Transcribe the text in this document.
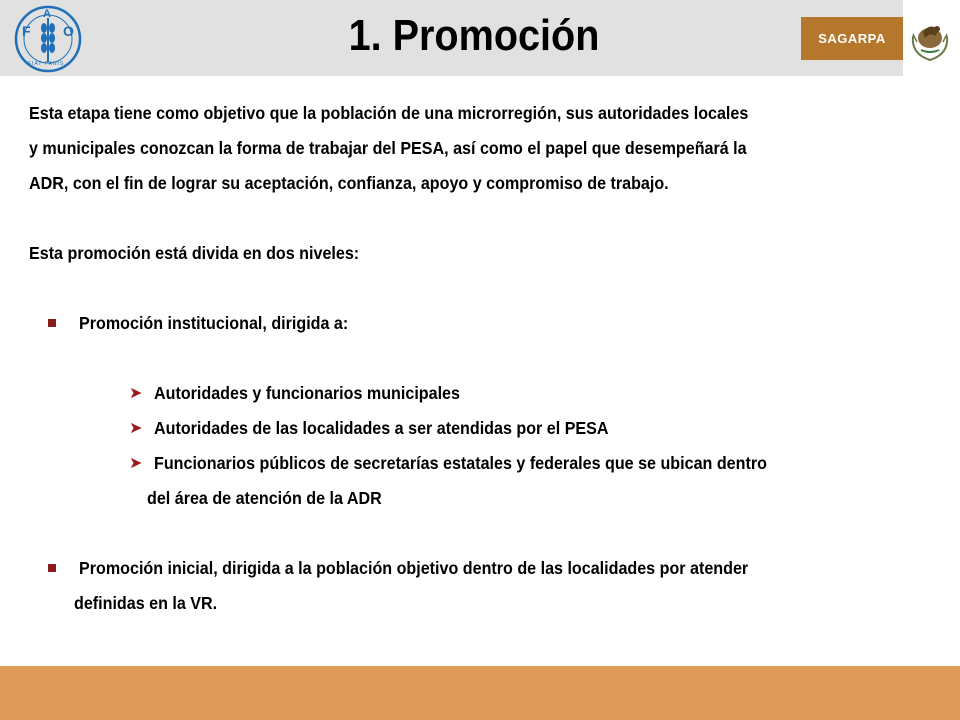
F
A
O
FIAT PANIS
1. Promoción	SAGARPA
Esta etapa tiene como objetivo que la población de una microrregión, sus autoridades locales
y municipales conozcan la forma de trabajar del PESA, así como el papel que desempeñará la
ADR, con el fin de lograr su aceptación, confianza, apoyo y compromiso de trabajo.
Esta promoción está divida en dos niveles:
Promoción institucional, dirigida a:
➤ Autoridades y funcionarios municipales
➤ Autoridades de las localidades a ser atendidas por el PESA
➤ Funcionarios públicos de secretarías estatales y federales que se ubican dentro
del área de atención de la ADR
Promoción inicial, dirigida a la población objetivo dentro de las localidades por atender
definidas en la VR.
